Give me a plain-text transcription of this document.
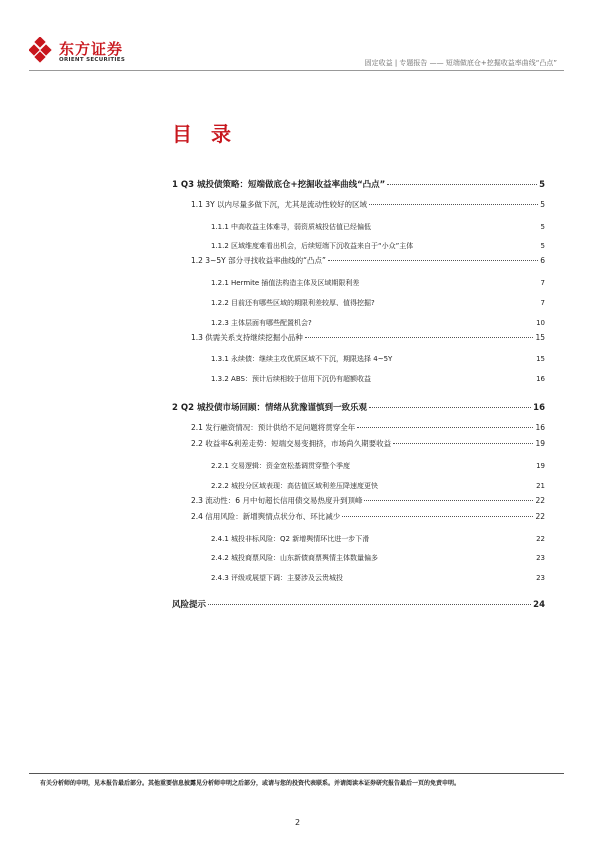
东方证券
ORIENT SECURITIES	固定收益 | 专题报告 —— 短端做底仓+挖掘收益率曲线“凸点”
目 录
1 Q3 城投债策略：短端做底仓+挖掘收益率曲线“凸点”	5
1.1 3Y 以内尽量多做下沉，尤其是流动性较好的区域	5
1.1.1 中高收益主体难寻，弱资质城投估值已经偏低	5
1.1.2 区域维度难看出机会，后续短端下沉收益来自于“小众”主体	5
1.2 3~5Y 部分寻找收益率曲线的“凸点”	6
1.2.1 Hermite 插值法构造主体及区域期限利差	7
1.2.2 目前还有哪些区域的期限利差较厚、值得挖掘?	7
1.2.3 主体层面有哪些配置机会?	10
1.3 供需关系支持继续挖掘小品种	15
1.3.1 永续债：继续主攻优质区域不下沉，期限选择 4~5Y	15
1.3.2 ABS：预计后续相较于信用下沉仍有超额收益	16
2 Q2 城投债市场回顾：情绪从犹豫谨慎到一致乐观	16
2.1 发行融资情况：预计供给不足问题将贯穿全年	16
2.2 收益率&利差走势：短端交易变拥挤，市场尚久期要收益	19
2.2.1 交易逻辑：资金宽松基调贯穿整个季度	19
2.2.2 城投分区域表现：高估值区域利差压降速度更快	21
2.3 流动性：6 月中旬超长信用债交易热度升到顶峰	22
2.4 信用风险：新增舆情点状分布、环比减少	22
2.4.1 城投非标风险：Q2 新增舆情环比进一步下滑	22
2.4.2 城投商票风险：山东新债商票舆情主体数量偏多	23
2.4.3 评级或展望下调：主要涉及云贵城投	23
风险提示	24
有关分析师的申明，见本报告最后部分。其他重要信息披露见分析师申明之后部分，或请与您的投资代表联系。并请阅读本证券研究报告最后一页的免责申明。
2
